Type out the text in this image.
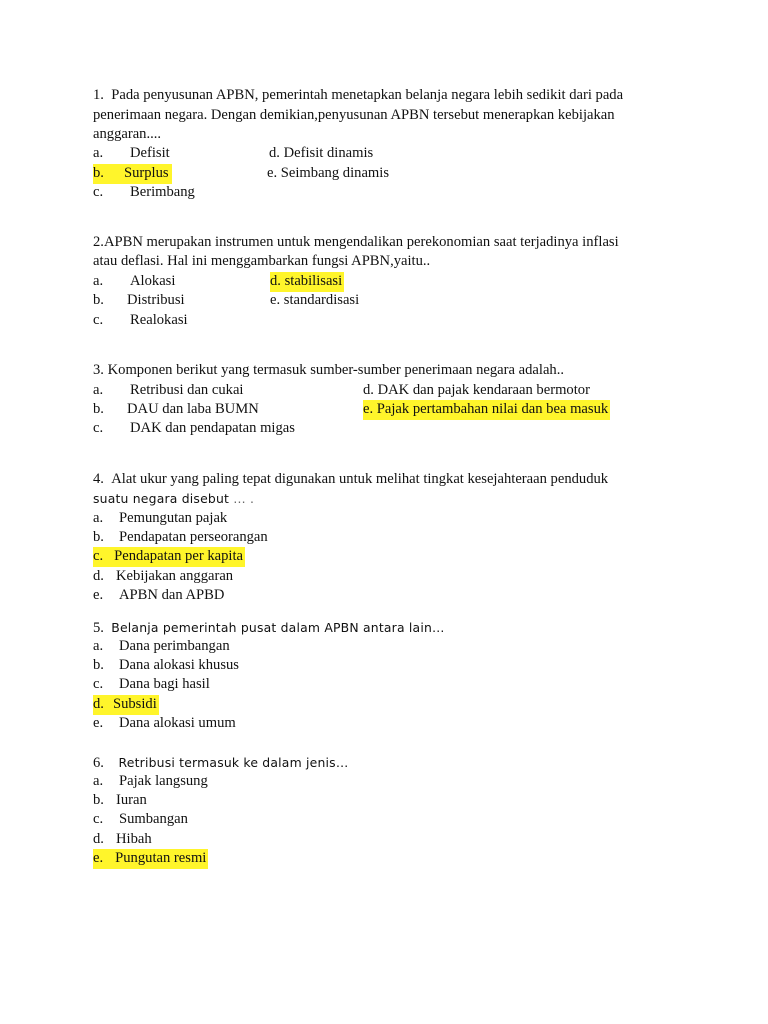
1. Pada penyusunan APBN, pemerintah menetapkan belanja negara lebih sedikit dari pada
penerimaan negara. Dengan demikian,penyusunan APBN tersebut menerapkan kebijakan
anggaran....
a. Defisit	d. Defisit dinamis
b. Surplus	e. Seimbang dinamis
c. Berimbang
2.APBN merupakan instrumen untuk mengendalikan perekonomian saat terjadinya inflasi
atau deflasi. Hal ini menggambarkan fungsi APBN,yaitu..
a. Alokasi	d. stabilisasi
b. Distribusi	e. standardisasi
c. Realokasi
3. Komponen berikut yang termasuk sumber-sumber penerimaan negara adalah..
a. Retribusi dan cukai	d. DAK dan pajak kendaraan bermotor
b. DAU dan laba BUMN	e. Pajak pertambahan nilai dan bea masuk
c. DAK dan pendapatan migas
4. Alat ukur yang paling tepat digunakan untuk melihat tingkat kesejahteraan penduduk
suatu negara disebut … .
a. Pemungutan pajak
b. Pendapatan perseorangan
c. Pendapatan per kapita
d. Kebijakan anggaran
e. APBN dan APBD
5. Belanja pemerintah pusat dalam APBN antara lain…
a. Dana perimbangan
b. Dana alokasi khusus
c. Dana bagi hasil
d. Subsidi
e. Dana alokasi umum
6. Retribusi termasuk ke dalam jenis…
a. Pajak langsung
b. Iuran
c. Sumbangan
d. Hibah
e. Pungutan resmi
